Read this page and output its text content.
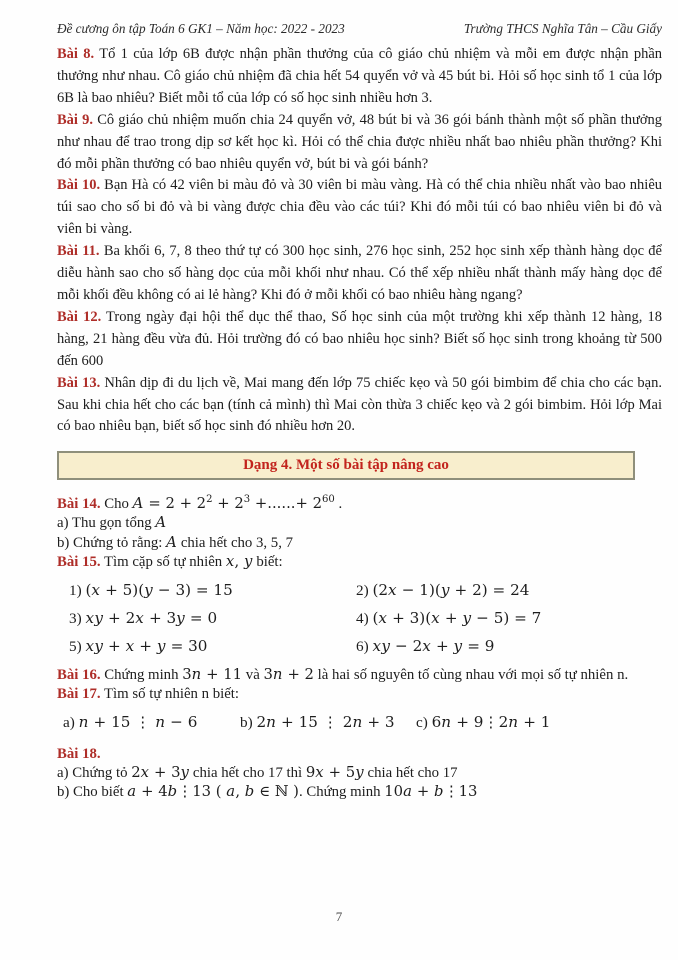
Đề cương ôn tập Toán 6 GK1 – Năm học: 2022 - 2023	Trường THCS Nghĩa Tân – Cầu Giấy

Bài 8. Tổ 1 của lớp 6B được nhận phần thưởng của cô giáo chủ nhiệm và mỗi em được nhận phần thưởng như nhau. Cô giáo chủ nhiệm đã chia hết 54 quyển vở và 45 bút bi. Hỏi số học sinh tổ 1 của lớp 6B là bao nhiêu? Biết mỗi tổ của lớp có số học sinh nhiều hơn 3.

Bài 9. Cô giáo chủ nhiệm muốn chia 24 quyển vở, 48 bút bi và 36 gói bánh thành một số phần thưởng như nhau để trao trong dịp sơ kết học kì. Hỏi có thể chia được nhiều nhất bao nhiêu phần thưởng? Khi đó mỗi phần thưởng có bao nhiêu quyển vở, bút bi và gói bánh?

Bài 10. Bạn Hà có 42 viên bi màu đỏ và 30 viên bi màu vàng. Hà có thể chia nhiều nhất vào bao nhiêu túi sao cho số bi đỏ và bi vàng được chia đều vào các túi? Khi đó mỗi túi có bao nhiêu viên bi đỏ và viên bi vàng.

Bài 11. Ba khối 6, 7, 8 theo thứ tự có 300 học sinh, 276 học sinh, 252 học sinh xếp thành hàng dọc để diễu hành sao cho số hàng dọc của mỗi khối như nhau. Có thể xếp nhiều nhất thành mấy hàng dọc để mỗi khối đều không có ai lẻ hàng? Khi đó ở mỗi khối có bao nhiêu hàng ngang?

Bài 12. Trong ngày đại hội thể dục thể thao, Số học sinh của một trường khi xếp thành 12 hàng, 18 hàng, 21 hàng đều vừa đủ. Hỏi trường đó có bao nhiêu học sinh? Biết số học sinh trong khoảng từ 500 đến 600

Bài 13. Nhân dịp đi du lịch về, Mai mang đến lớp 75 chiếc kẹo và 50 gói bimbim để chia cho các bạn. Sau khi chia hết cho các bạn (tính cả mình) thì Mai còn thừa 3 chiếc kẹo và 2 gói bimbim. Hỏi lớp Mai có bao nhiêu bạn, biết số học sinh đó nhiều hơn 20.

Dạng 4. Một số bài tập nâng cao

Bài 14. Cho $A = 2 + 2^2 + 2^3$ +......+ $2^{60}$ .

a) Thu gọn tổng A

b) Chứng tỏ rằng: A chia hết cho 3, 5, 7

Bài 15. Tìm cặp số tự nhiên x, y biết:

1) (x + 5)(y − 3) = 15	2) (2x − 1)(y + 2) = 24
3) xy + 2x + 3y = 0	4) (x + 3)(x + y − 5) = 7
5) xy + x + y = 30	6) xy − 2x + y = 9

Bài 16. Chứng minh 3n + 11 và 3n + 2 là hai số nguyên tố cùng nhau với mọi số tự nhiên n.

Bài 17. Tìm số tự nhiên n biết:

a) n + 15 ⋮ n − 6	b) 2n + 15 ⋮ 2n + 3	c) 6n + 9⋮2n + 1

Bài 18.

a) Chứng tỏ 2x + 3y chia hết cho 17 thì 9x + 5y chia hết cho 17

b) Cho biết a + 4b⋮13 ( a, b ∈ ℕ ). Chứng minh 10a + b⋮13

7
